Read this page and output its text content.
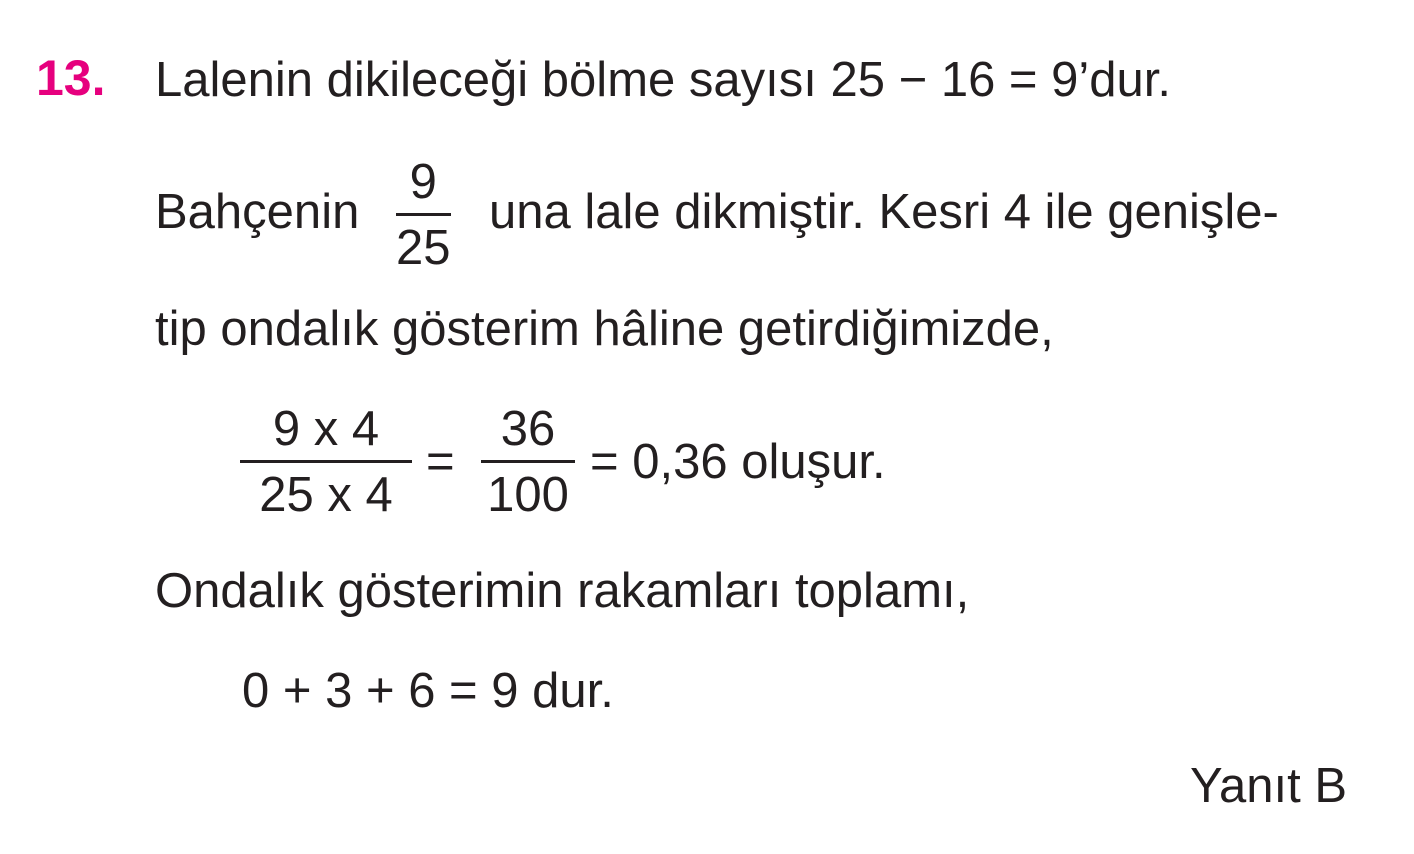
13. Lalenin dikileceği bölme sayısı 25 − 16 = 9’dur.
Bahçenin
9
25
una lale dikmiştir. Kesri 4 ile genişle-
tip ondalık gösterim hâline getirdiğimizde,
9 x 4
25 x 4
=
36
100
= 0,36 oluşur.
Ondalık gösterimin rakamları toplamı,
0 + 3 + 6 = 9 dur.
Yanıt B
